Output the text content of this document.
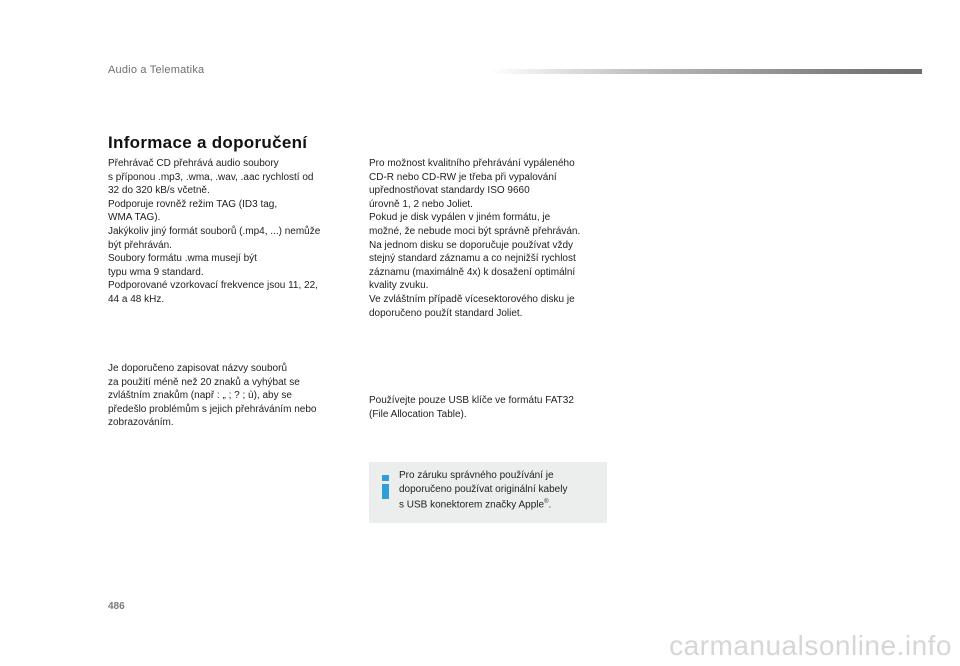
Audio a Telematika
Informace a doporučení
Přehrávač CD přehrává audio soubory
s příponou .mp3, .wma, .wav, .aac rychlostí od
32 do 320 kB/s včetně.
Podporuje rovněž režim TAG (ID3 tag,
WMA TAG).
Jakýkoliv jiný formát souborů (.mp4, ...) nemůže
být přehráván.
Soubory formátu .wma musejí být
typu wma 9 standard.
Podporované vzorkovací frekvence jsou 11, 22,
44 a 48 kHz.
Je doporučeno zapisovat názvy souborů
za použití méně než 20 znaků a vyhýbat se
zvláštním znakům (např : „ ; ? ; ù), aby se
předešlo problémům s jejich přehráváním nebo
zobrazováním.
Pro možnost kvalitního přehrávání vypáleného
CD-R nebo CD-RW je třeba při vypalování
upřednostňovat standardy ISO 9660
úrovně 1, 2 nebo Joliet.
Pokud je disk vypálen v jiném formátu, je
možné, že nebude moci být správně přehráván.
Na jednom disku se doporučuje používat vždy
stejný standard záznamu a co nejnižší rychlost
záznamu (maximálně 4x) k dosažení optimální
kvality zvuku.
Ve zvláštním případě vícesektorového disku je
doporučeno použít standard Joliet.
Používejte pouze USB klíče ve formátu FAT32
(File Allocation Table).
Pro záruku správného používání je
doporučeno používat originální kabely
s USB konektorem značky Apple®.
486
carmanualsonline.info
